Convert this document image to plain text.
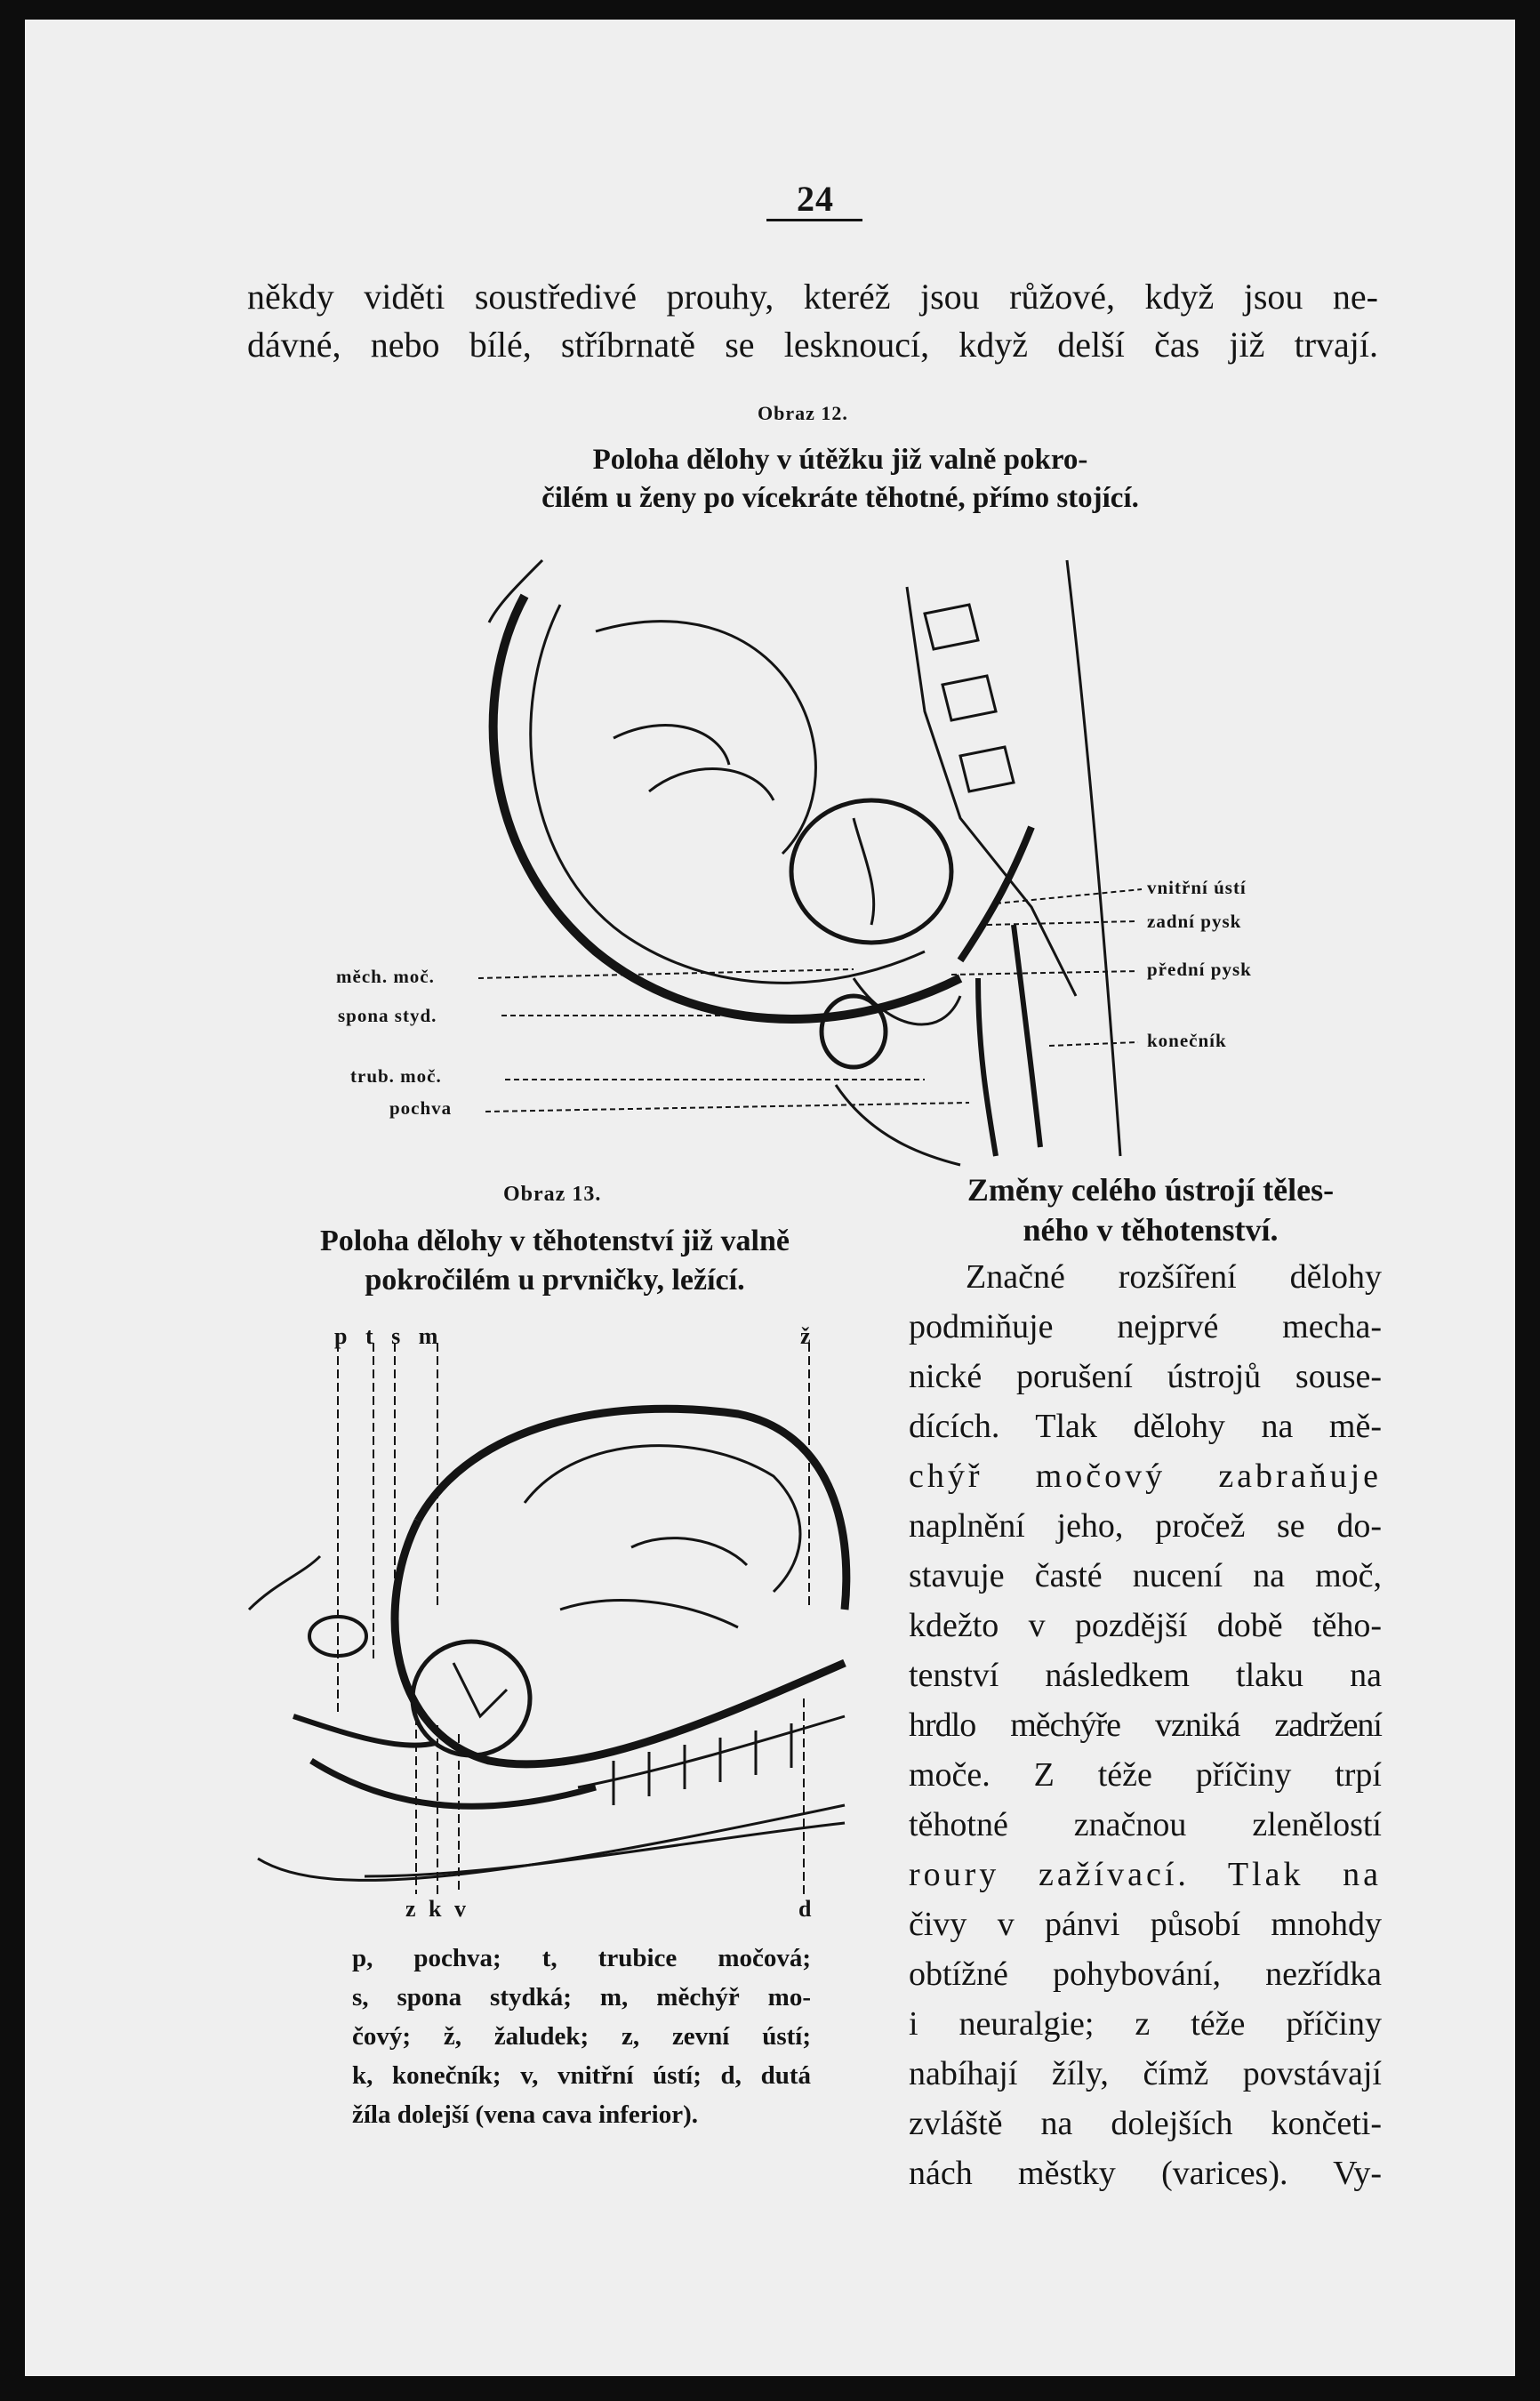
24
někdy viděti soustředivé prouhy, kteréž jsou růžové, když jsou ne-
dávné, nebo bílé, stříbrnatě se lesknoucí, když delší čas již trvají.
Obraz 12.
Poloha dělohy v útěžku již valně pokro-
čilém u ženy po vícekráte těhotné, přímo stojící.
měch. moč.
spona styd.
trub. moč.
pochva
vnitřní ústí
zadní pysk
přední pysk
konečník
Obraz 13.
Poloha dělohy v těhotenství již valně
pokročilém u prvničky, ležící.
p t s m	ž
z k v	d
p, pochva; t, trubice močová;
s, spona stydká; m, měchýř mo-
čový; ž, žaludek; z, zevní ústí;
k, konečník; v, vnitřní ústí; d, dutá
žíla dolejší (vena cava inferior).
Změny celého ústrojí těles-
ného v těhotenství.
Značné rozšíření dělohy
podmiňuje nejprvé mecha-
nické porušení ústrojů souse-
dících. Tlak dělohy na mě-
chýř močový zabraňuje
naplnění jeho, pročež se do-
stavuje časté nucení na moč,
kdežto v pozdější době těho-
tenství následkem tlaku na
hrdlo měchýře vzniká zadržení
moče. Z téže příčiny trpí
těhotné značnou zlenělostí
roury zažívací. Tlak na
čivy v pánvi působí mnohdy
obtížné pohybování, nezřídka
i neuralgie; z téže příčiny
nabíhají žíly, čímž povstávají
zvláště na dolejších končeti-
nách městky (varices). Vy-
